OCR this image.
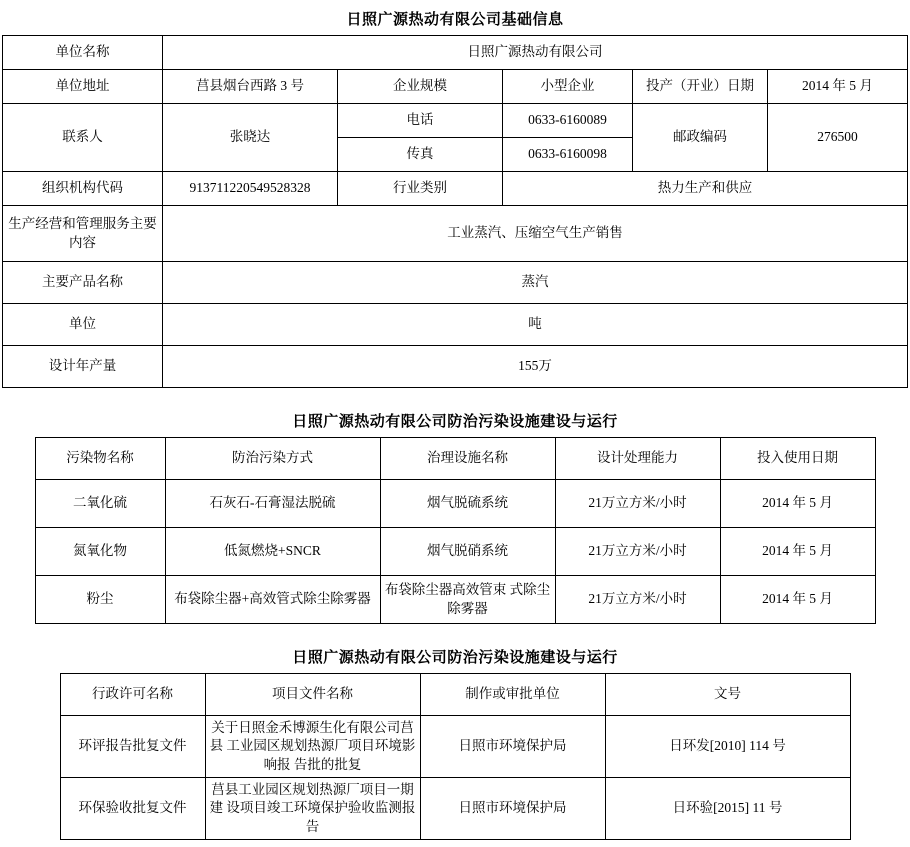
日照广源热动有限公司基础信息
单位名称	日照广源热动有限公司				
单位地址	莒县烟台西路 3 号	企业规模	小型企业	投产（开业）日期	2014 年 5 月
联系人	张晓达	电话	0633-6160089	邮政编码	276500
		传真	0633-6160098		
组织机构代码	913711220549528328	行业类别	热力生产和供应		
生产经营和管理服务主要内容	工业蒸汽、压缩空气生产销售				
主要产品名称	蒸汽				
单位	吨				
设计年产量	155万				
日照广源热动有限公司防治污染设施建设与运行
污染物名称	防治污染方式	治理设施名称	设计处理能力	投入使用日期
二氧化硫	石灰石-石膏湿法脱硫	烟气脱硫系统	21万立方米/小时	2014 年 5 月
氮氧化物	低氮燃烧+SNCR	烟气脱硝系统	21万立方米/小时	2014 年 5 月
粉尘	布袋除尘器+高效管式除尘除雾器	布袋除尘器高效管束 式除尘除雾器	21万立方米/小时	2014 年 5 月
日照广源热动有限公司防治污染设施建设与运行
行政许可名称	项目文件名称	制作或审批单位	文号
环评报告批复文件	关于日照金禾博源生化有限公司莒县 工业园区规划热源厂项目环境影响报 告批的批复	日照市环境保护局	日环发[2010] 114 号
环保验收批复文件	莒县工业园区规划热源厂项目一期建 设项目竣工环境保护验收监测报告	日照市环境保护局	日环验[2015] 11 号
